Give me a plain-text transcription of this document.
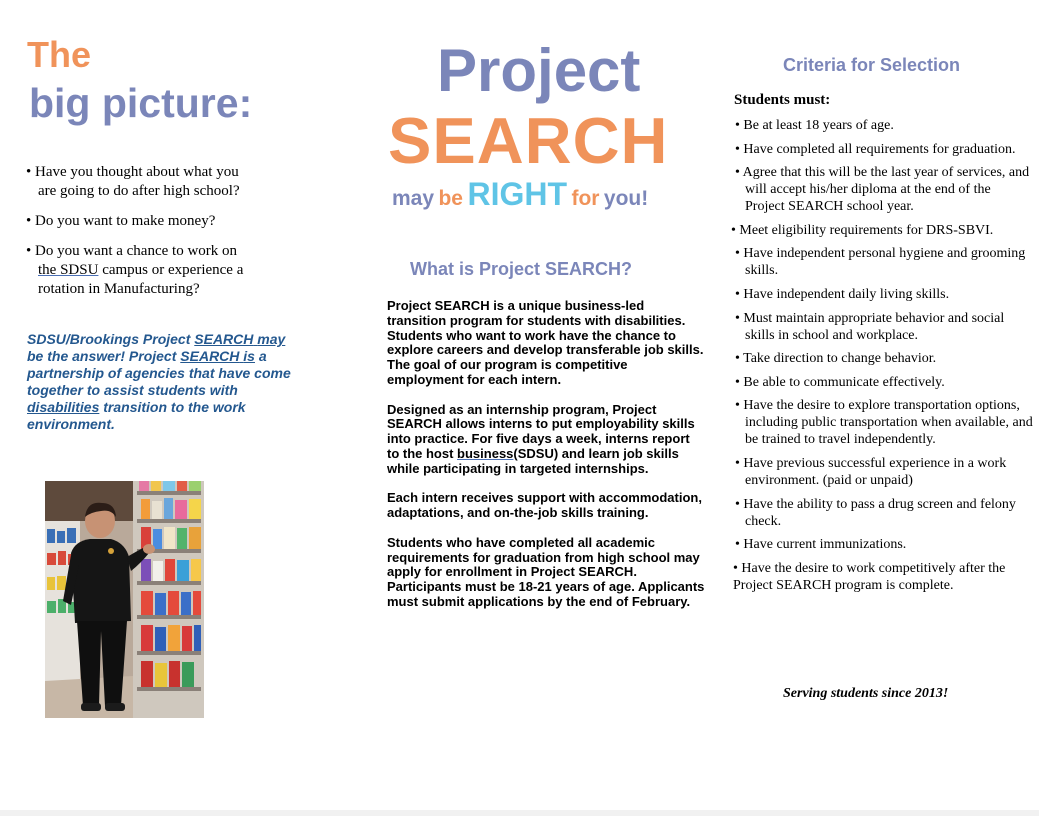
The
big picture:
• Have you thought about what you
are going to do after high school?
• Do you want to make money?
• Do you want a chance to work on
the SDSU campus or experience a
rotation in Manufacturing?
SDSU/Brookings Project SEARCH may be the answer! Project SEARCH is a partnership of agencies that have come together to assist students with disabilities transition to the work environment.
Project
SEARCH
may be RIGHT for you!
What is Project SEARCH?

Project SEARCH is a unique business-led transition program for students with disabilities. Students who want to work have the chance to explore careers and develop transferable job skills. The goal of our program is competitive employment for each intern.

Designed as an internship program, Project SEARCH allows interns to put employability skills into practice. For five days a week, interns report to the host business(SDSU) and learn job skills while participating in targeted internships.

Each intern receives support with accommodation, adaptations, and on-the-job skills training.

Students who have completed all academic requirements for graduation from high school may apply for enrollment in Project SEARCH. Participants must be 18-21 years of age. Applicants must submit applications by the end of February.

Criteria for Selection
Students must:
• Be at least 18 years of age.
• Have completed all requirements for graduation.
• Agree that this will be the last year of services, and will accept his/her diploma at the end of the Project SEARCH school year.
• Meet eligibility requirements for DRS-SBVI.
• Have independent personal hygiene and grooming skills.
• Have independent daily living skills.
• Must maintain appropriate behavior and social skills in school and workplace.
• Take direction to change behavior.
• Be able to communicate effectively.
• Have the desire to explore transportation options, including public transportation when available, and be trained to travel independently.
• Have previous successful experience in a work environment. (paid or unpaid)
• Have the ability to pass a drug screen and felony check.
• Have current immunizations.
• Have the desire to work competitively after the Project SEARCH program is complete.
Serving students since 2013!
